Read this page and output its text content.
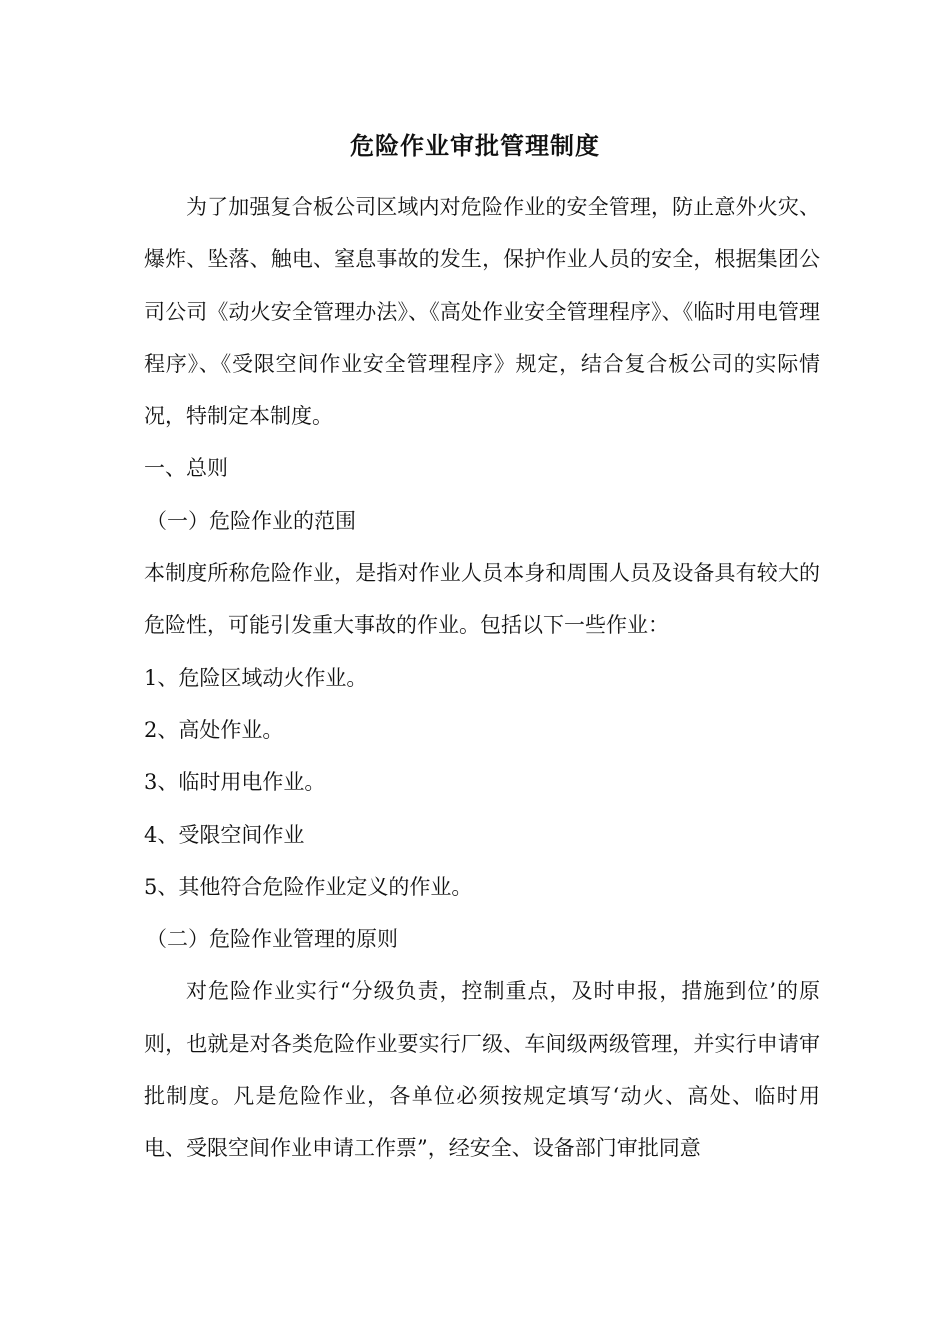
危险作业审批管理制度

为了加强复合板公司区域内对危险作业的安全管理，防止意外火灾、爆炸、坠落、触电、窒息事故的发生，保护作业人员的安全，根据集团公司公司《动火安全管理办法》、《高处作业安全管理程序》、《临时用电管理程序》、《受限空间作业安全管理程序》规定，结合复合板公司的实际情况，特制定本制度。

一、总则

（一）危险作业的范围

本制度所称危险作业，是指对作业人员本身和周围人员及设备具有较大的危险性，可能引发重大事故的作业。包括以下一些作业：

1、危险区域动火作业。

2、高处作业。

3、临时用电作业。

4、受限空间作业

5、其他符合危险作业定义的作业。

（二）危险作业管理的原则

对危险作业实行“分级负责，控制重点，及时申报，措施到位’的原则，也就是对各类危险作业要实行厂级、车间级两级管理，并实行申请审批制度。凡是危险作业，各单位必须按规定填写‘动火、高处、临时用电、受限空间作业申请工作票”，经安全、设备部门审批同意
